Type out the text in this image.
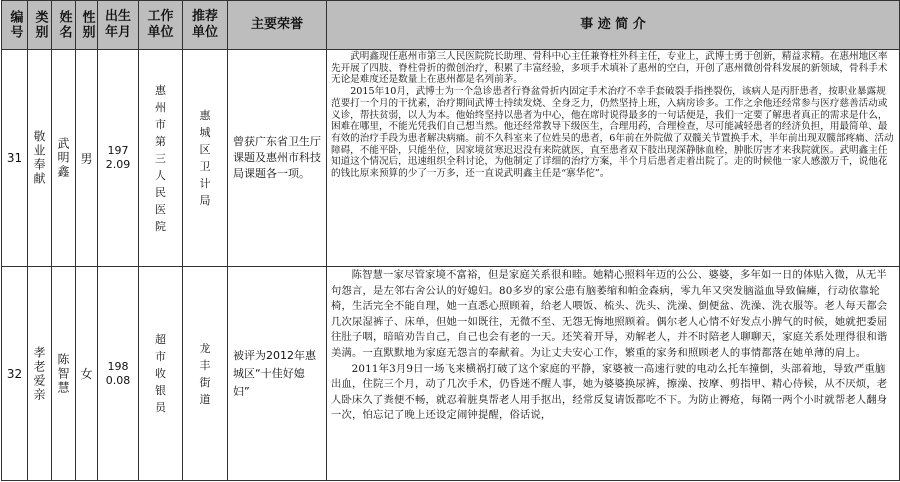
编号	类别	姓名	性别	出生年月	工作单位	推荐单位	主要荣誉	事 迹 简 介
31	敬业奉献	武明鑫	男	1972.09	惠州市第三人民医院	惠城区卫计局	曾获广东省卫生厅课题及惠州市科技局课题各一项。	武明鑫现任惠州市第三人民医院院长助理、骨科中心主任兼脊柱外科主任，专业上，武博士勇于创新，精益求精。在惠州地区率先开展了四肢、脊柱骨折的微创治疗，积累了丰富经验，多项手术填补了惠州的空白，开创了惠州微创骨科发展的新领域，骨科手术无论是难度还是数量上在惠州都是名列前茅。

2015年10月，武博士为一个急诊患者行脊盆骨折内固定手术治疗不幸手套破裂手指挫裂伤，该病人是丙肝患者，按职业暴露规范要打一个月的干扰素，治疗期间武博士持续发烧、全身乏力，仍然坚持上班，入病房诊多。工作之余他还经常参与医疗慈善活动或义诊，帮扶贫弱，以人为本。他始终坚持以患者为中心，他在席时说得最多的一句话便是，我们一定要了解患者真正的需求是什么，困难在哪里，不能光凭我们自己想当然。他还经常教导下级医生，合理用药，合理检查，尽可能减轻患者的经济负担，用最简单、最有效的治疗手段为患者解决病痛。前不久科室来了位姓吴的患者，6年前在外院做了双髋关节置换手术，半年前出现双髋部疼痛、活动障碍，不能平卧，只能坐位，因家境贫寒迟迟没有来院就医，直至患者双下肢出现深静脉血栓，肿胀厉害才来我院就医。武明鑫主任知道这个情况后，迅速组织全科讨论，为他制定了详细的治疗方案，半个月后患者走着出院了。走的时候他一家人感激万千，说他花的钱比原来预算的少了一万多，还一直说武明鑫主任是“寨华佗”。

32	孝老爱亲	陈智慧	女	1980.08	超市收银员	龙丰街道	被评为2012年惠城区“十佳好媳妇”	陈智慧一家尽管家境不富裕，但是家庭关系很和睦。她精心照料年迈的公公、婆婆，多年如一日的体贴入微，从无半句怨言，是左邻右舍公认的好媳妇。80多岁的家公患有脑萎缩和帕金森病，零九年又突发脑溢血导致偏瘫，行动依靠轮椅，生活完全不能自理，她一直悉心照顾着，给老人喂饭、梳头、洗头、洗澡、倒便盆、洗澡、洗衣服等。老人每天都会几次尿湿裤子、床单，但她一如既往，无微不至、无怨无悔地照顾着。偶尔老人心情不好发点小脾气的时候，她就把委屈往肚子咽，暗暗劝告自己，自己也会有老的一天。还笑着开导，劝解老人，并不时陪老人聊聊天，家庭关系处理得很和谐美满。一直默默地为家庭无怨言的奉献着。为让丈夫安心工作，繁重的家务和照顾老人的事情都落在她单薄的肩上。

2011年3月9日一场飞来横祸打破了这个家庭的平静，家婆被一高速行驶的电动么托车撞倒，头部着地，导致严重脑出血，住院三个月，动了几次手术，仍昏迷不醒人事，她为婆婆换尿裤，擦澡、按摩、剪指甲、精心侍候，从不厌烦，老人卧床久了粪便不畅，就忍着脏臭帮老人用手抠出，经常反复请饭都吃不下。为防止褥疮，每隔一两个小时就帮老人翻身一次，怕忘记了晚上还设定闹钟提醒，俗话说，
